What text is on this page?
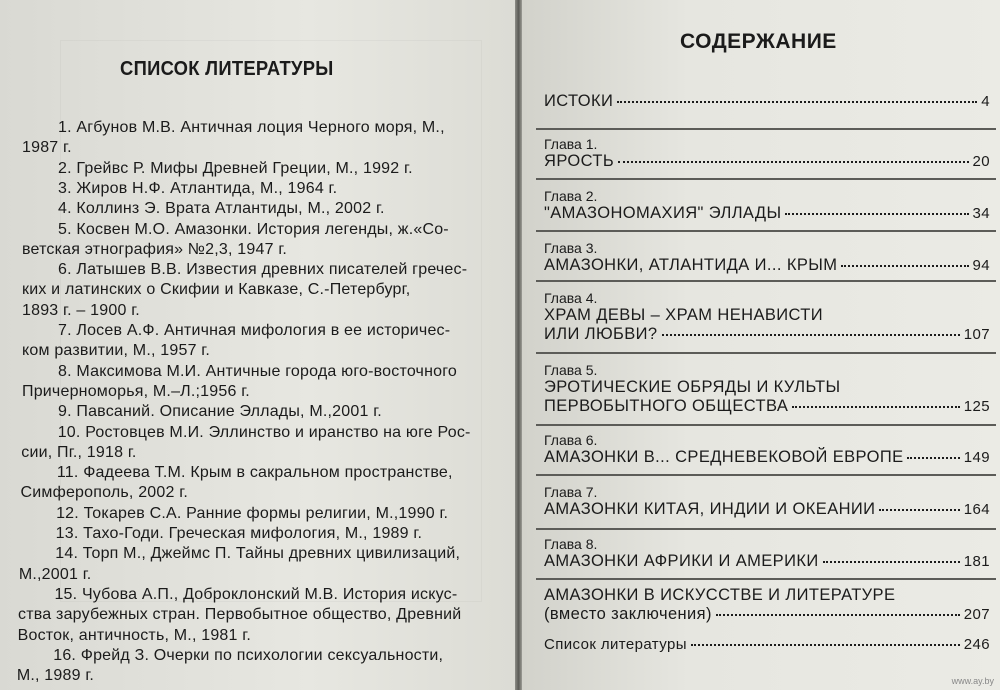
СПИСОК ЛИТЕРАТУРЫ
1. Агбунов М.В. Античная лоция Черного моря, М.,
1987 г.
2. Грейвс Р. Мифы Древней Греции, М., 1992 г.
3. Жиров Н.Ф. Атлантида, М., 1964 г.
4. Коллинз Э. Врата Атлантиды, М., 2002 г.
5. Косвен М.О. Амазонки. История легенды, ж.«Со-
ветская этнография» №2,3, 1947 г.
6. Латышев В.В. Известия древних писателей гречес-
ких и латинских о Скифии и Кавказе, С.-Петербург,
1893 г. – 1900 г.
7. Лосев А.Ф. Античная мифология в ее историчес-
ком развитии, М., 1957 г.
8. Максимова М.И. Античные города юго-восточного
Причерноморья, М.–Л.;1956 г.
9. Павсаний. Описание Эллады, М.,2001 г.
10. Ростовцев М.И. Эллинство и иранство на юге Рос-
сии, Пг., 1918 г.
11. Фадеева Т.М. Крым в сакральном пространстве,
Симферополь, 2002 г.
12. Токарев С.А. Ранние формы религии, М.,1990 г.
13. Тахо-Годи. Греческая мифология, М., 1989 г.
14. Торп М., Джеймс П. Тайны древних цивилизаций,
М.,2001 г.
15. Чубова А.П., Доброклонский М.В. История искус-
ства зарубежных стран. Первобытное общество, Древний
Восток, античность, М., 1981 г.
16. Фрейд З. Очерки по психологии сексуальности,
М., 1989 г.
СОДЕРЖАНИЕ
ИСТОКИ	4
Глава 1.
ЯРОСТЬ	20
Глава 2.
"АМАЗОНОМАХИЯ" ЭЛЛАДЫ	34
Глава 3.
АМАЗОНКИ, АТЛАНТИДА И... КРЫМ	94
Глава 4.
ХРАМ ДЕВЫ – ХРАМ НЕНАВИСТИ
ИЛИ ЛЮБВИ?	107
Глава 5.
ЭРОТИЧЕСКИЕ ОБРЯДЫ И КУЛЬТЫ
ПЕРВОБЫТНОГО ОБЩЕСТВА	125
Глава 6.
АМАЗОНКИ В... СРЕДНЕВЕКОВОЙ ЕВРОПЕ	149
Глава 7.
АМАЗОНКИ КИТАЯ, ИНДИИ И ОКЕАНИИ	164
Глава 8.
АМАЗОНКИ АФРИКИ И АМЕРИКИ	181
АМАЗОНКИ В ИСКУССТВЕ И ЛИТЕРАТУРЕ
(вместо заключения)	207
Список литературы	246
www.ay.by
